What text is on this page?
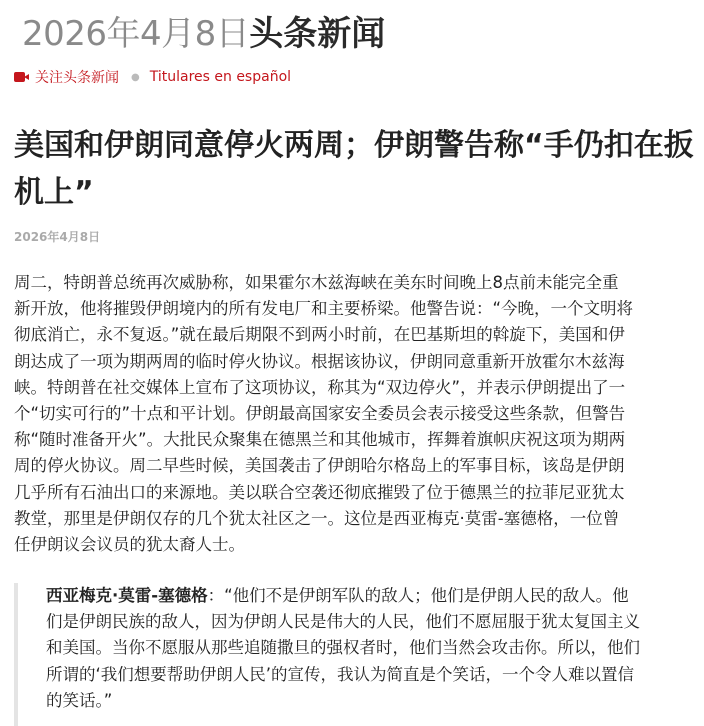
2026年4月8日头条新闻
关注头条新闻 ● Titulares en español
美国和伊朗同意停火两周；伊朗警告称“手仍扣在扳机上”
2026年4月8日

周二，特朗普总统再次威胁称，如果霍尔木兹海峡在美东时间晚上8点前未能完全重新开放，他将摧毁伊朗境内的所有发电厂和主要桥梁。他警告说：“今晚，一个文明将彻底消亡，永不复返。”就在最后期限不到两小时前，在巴基斯坦的斡旋下，美国和伊朗达成了一项为期两周的临时停火协议。根据该协议，伊朗同意重新开放霍尔木兹海峡。特朗普在社交媒体上宣布了这项协议，称其为“双边停火”，并表示伊朗提出了一个“切实可行的”十点和平计划。伊朗最高国家安全委员会表示接受这些条款，但警告称“随时准备开火”。大批民众聚集在德黑兰和其他城市，挥舞着旗帜庆祝这项为期两周的停火协议。周二早些时候，美国袭击了伊朗哈尔格岛上的军事目标，该岛是伊朗几乎所有石油出口的来源地。美以联合空袭还彻底摧毁了位于德黑兰的拉菲尼亚犹太教堂，那里是伊朗仅存的几个犹太社区之一。这位是西亚梅克·莫雷-塞德格，一位曾任伊朗议会议员的犹太裔人士。

西亚梅克·莫雷-塞德格：“他们不是伊朗军队的敌人；他们是伊朗人民的敌人。他们是伊朗民族的敌人，因为伊朗人民是伟大的人民，他们不愿屈服于犹太复国主义和美国。当你不愿服从那些追随撒旦的强权者时，他们当然会攻击你。所以，他们所谓的‘我们想要帮助伊朗人民’的宣传，我认为简直是个笑话，一个令人难以置信的笑话。”
